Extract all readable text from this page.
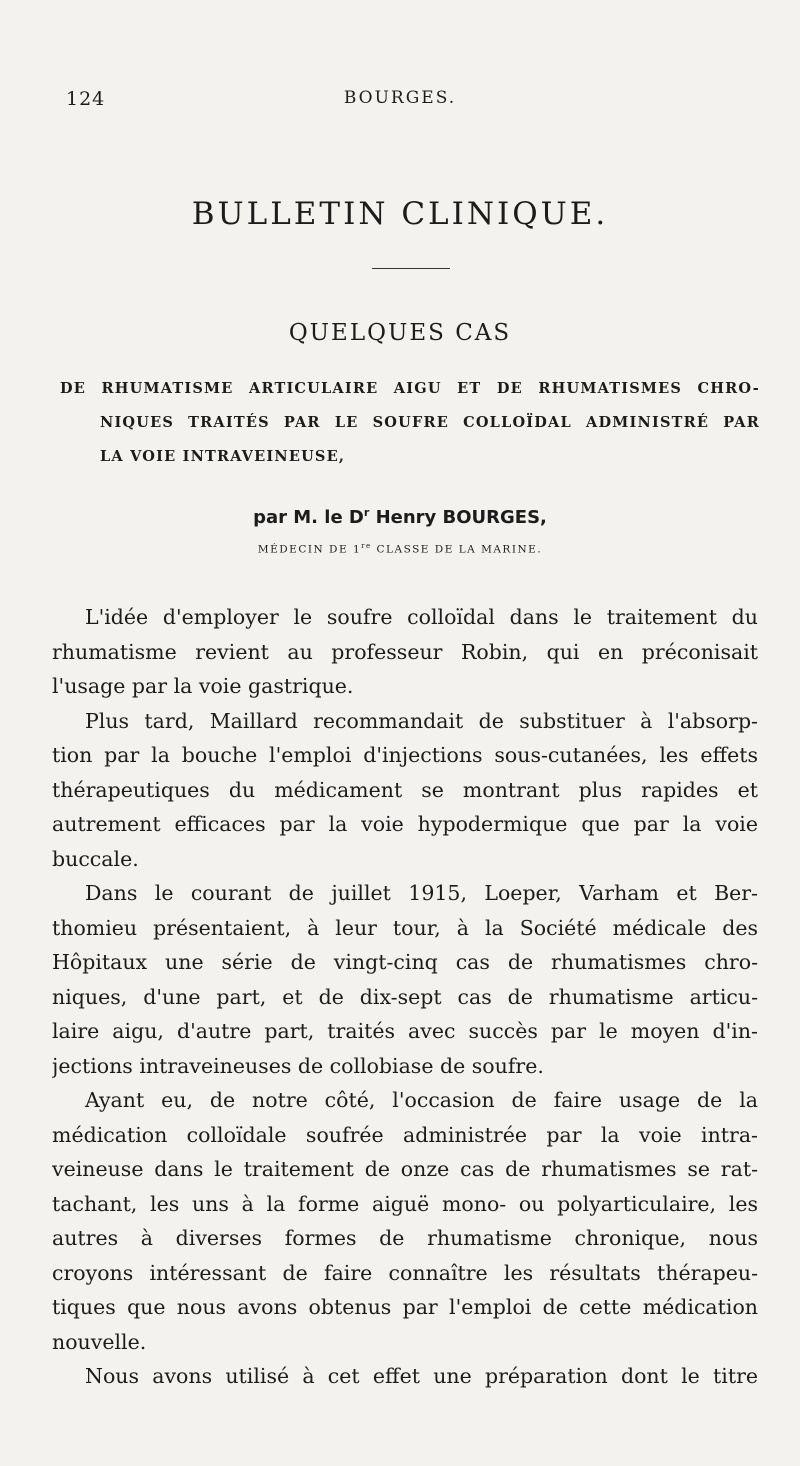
124	BOURGES.
BULLETIN CLINIQUE.
QUELQUES CAS
DE RHUMATISME ARTICULAIRE AIGU ET DE RHUMATISMES CHRO-
NIQUES TRAITÉS PAR LE SOUFRE COLLOÏDAL ADMINISTRÉ PAR
LA VOIE INTRAVEINEUSE,
par M. le $D^r$ Henry BOURGES,
MÉDECIN DE 1re CLASSE DE LA MARINE.
L'idée d'employer le soufre colloïdal dans le traitement du
rhumatisme revient au professeur Robin, qui en préconisait
l'usage par la voie gastrique.
Plus tard, Maillard recommandait de substituer à l'absorp-
tion par la bouche l'emploi d'injections sous-cutanées, les effets
thérapeutiques du médicament se montrant plus rapides et
autrement efficaces par la voie hypodermique que par la voie
buccale.
Dans le courant de juillet 1915, Loeper, Varham et Ber-
thomieu présentaient, à leur tour, à la Société médicale des
Hôpitaux une série de vingt-cinq cas de rhumatismes chro-
niques, d'une part, et de dix-sept cas de rhumatisme articu-
laire aigu, d'autre part, traités avec succès par le moyen d'in-
jections intraveineuses de collobiase de soufre.
Ayant eu, de notre côté, l'occasion de faire usage de la
médication colloïdale soufrée administrée par la voie intra-
veineuse dans le traitement de onze cas de rhumatismes se rat-
tachant, les uns à la forme aiguë mono- ou polyarticulaire, les
autres à diverses formes de rhumatisme chronique, nous
croyons intéressant de faire connaître les résultats thérapeu-
tiques que nous avons obtenus par l'emploi de cette médication
nouvelle.
Nous avons utilisé à cet effet une préparation dont le titre
